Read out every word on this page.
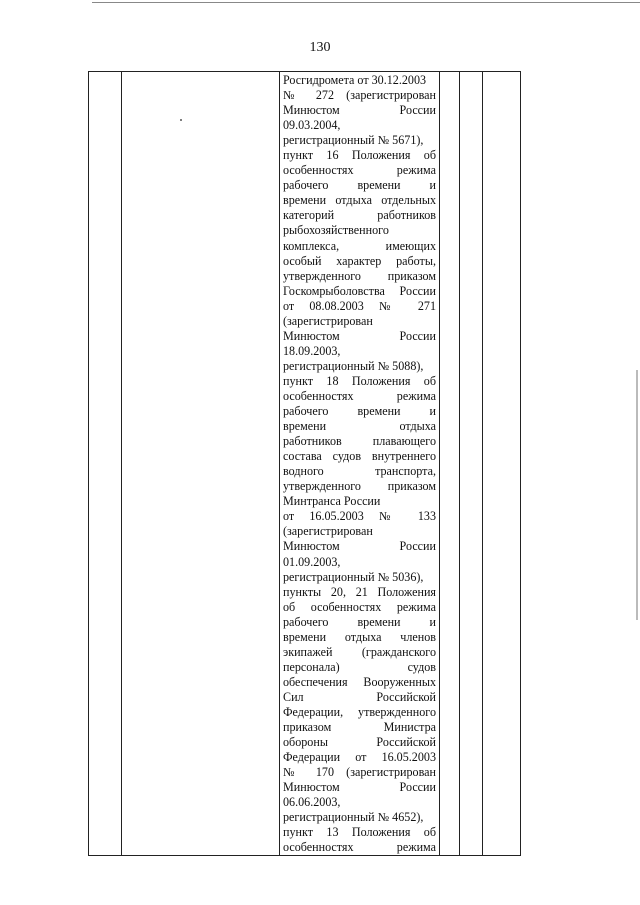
130

Росгидромета от 30.12.2003
№ 272 (зарегистрирован
Минюстом России
09.03.2004,
регистрационный № 5671),
пункт 16 Положения об
особенностях режима
рабочего времени и
времени отдыха отдельных
категорий работников
рыбохозяйственного
комплекса, имеющих
особый характер работы,
утвержденного приказом
Госкомрыболовства России
от 08.08.2003 № 271
(зарегистрирован
Минюстом России
18.09.2003,
регистрационный № 5088),
пункт 18 Положения об
особенностях режима
рабочего времени и
времени отдыха
работников плавающего
состава судов внутреннего
водного транспорта,
утвержденного приказом
Минтранса России
от 16.05.2003 № 133
(зарегистрирован
Минюстом России
01.09.2003,
регистрационный № 5036),
пункты 20, 21 Положения
об особенностях режима
рабочего времени и
времени отдыха членов
экипажей (гражданского
персонала) судов
обеспечения Вооруженных
Сил Российской
Федерации, утвержденного
приказом Министра
обороны Российской
Федерации от 16.05.2003
№ 170 (зарегистрирован
Минюстом России
06.06.2003,
регистрационный № 4652),
пункт 13 Положения об
особенностях режима
